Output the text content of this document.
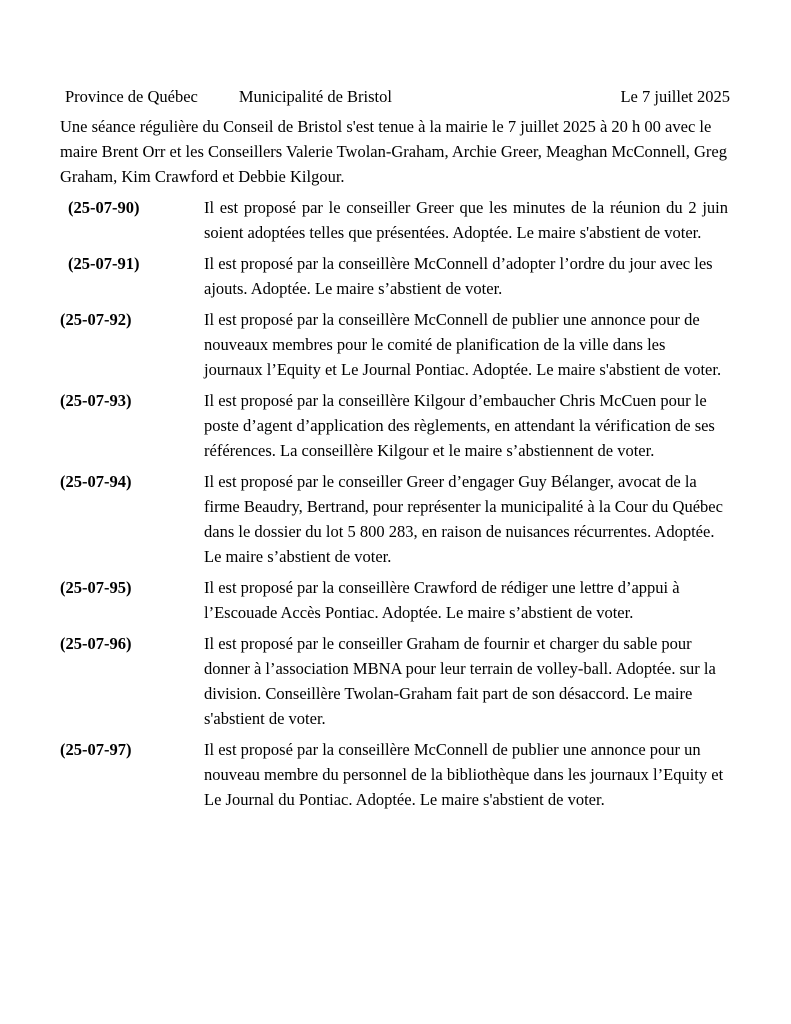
Province de Québec Municipalité de Bristol	Le 7 juillet 2025

Une séance régulière du Conseil de Bristol s'est tenue à la mairie le 7 juillet 2025 à 20 h 00 avec le maire Brent Orr et les Conseillers Valerie Twolan-Graham, Archie Greer, Meaghan McConnell, Greg Graham, Kim Crawford et Debbie Kilgour.

(25-07-90)	Il est proposé par le conseiller Greer que les minutes de la réunion du 2 juin soient adoptées telles que présentées. Adoptée. Le maire s'abstient de voter.

(25-07-91)	Il est proposé par la conseillère McConnell d’adopter l’ordre du jour avec les ajouts. Adoptée. Le maire s’abstient de voter.

(25-07-92)	Il est proposé par la conseillère McConnell de publier une annonce pour de nouveaux membres pour le comité de planification de la ville dans les journaux l’Equity et Le Journal Pontiac. Adoptée. Le maire s'abstient de voter.

(25-07-93)	Il est proposé par la conseillère Kilgour d’embaucher Chris McCuen pour le poste d’agent d’application des règlements, en attendant la vérification de ses références. La conseillère Kilgour et le maire s’abstiennent de voter.

(25-07-94)	Il est proposé par le conseiller Greer d’engager Guy Bélanger, avocat de la firme Beaudry, Bertrand, pour représenter la municipalité à la Cour du Québec dans le dossier du lot 5 800 283, en raison de nuisances récurrentes. Adoptée. Le maire s’abstient de voter.

(25-07-95)	Il est proposé par la conseillère Crawford de rédiger une lettre d’appui à l’Escouade Accès Pontiac. Adoptée. Le maire s’abstient de voter.

(25-07-96)	Il est proposé par le conseiller Graham de fournir et charger du sable pour donner à l’association MBNA pour leur terrain de volley-ball. Adoptée. sur la division. Conseillère Twolan-Graham fait part de son désaccord. Le maire s'abstient de voter.

(25-07-97)	Il est proposé par la conseillère McConnell de publier une annonce pour un nouveau membre du personnel de la bibliothèque dans les journaux l’Equity et Le Journal du Pontiac. Adoptée. Le maire s'abstient de voter.
